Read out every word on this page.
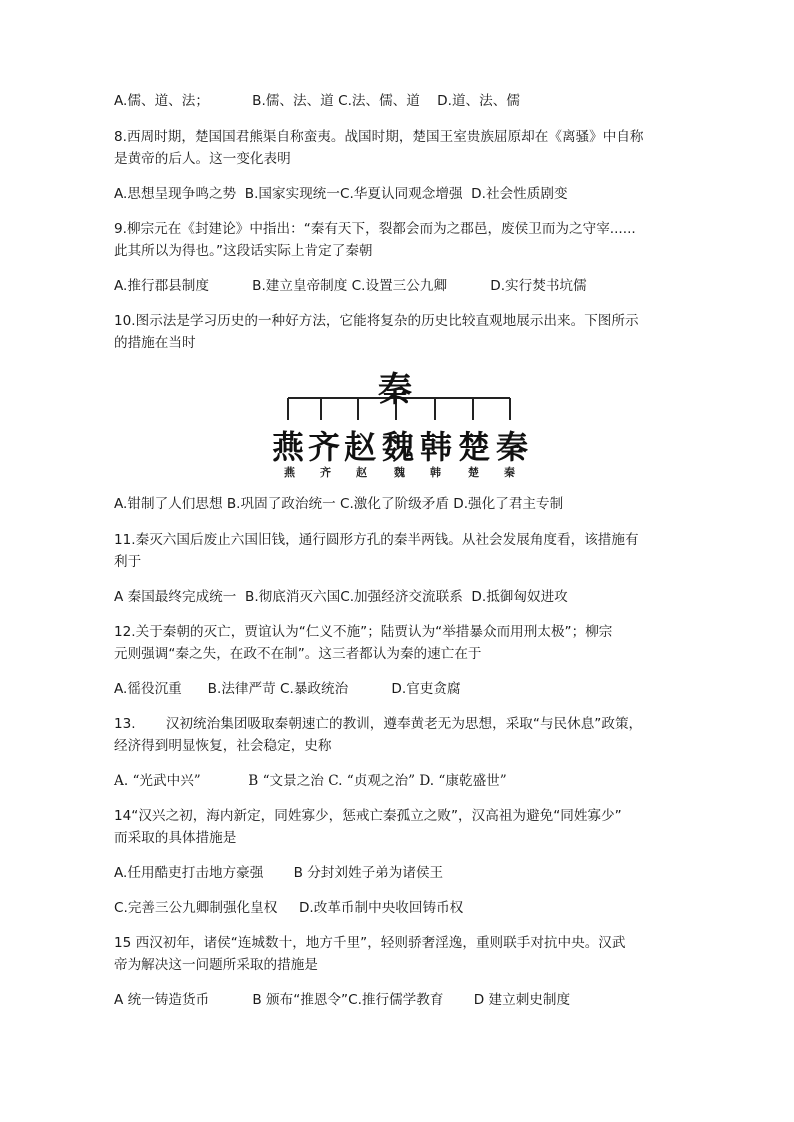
A.儒、道、法；          B.儒、法、道 C.法、儒、道    D.道、法、儒
8.西周时期，楚国国君熊渠自称蛮夷。战国时期，楚国王室贵族屈原却在《离骚》中自称
是黄帝的后人。这一变化表明
A.思想呈现争鸣之势  B.国家实现统一C.华夏认同观念增强  D.社会性质剧变
9.柳宗元在《封建论》中指出：“秦有天下，裂都会而为之郡邑，废侯卫而为之守宰......
此其所以为得也。”这段话实际上肯定了秦朝
A.推行郡县制度          B.建立皇帝制度 C.设置三公九卿          D.实行焚书坑儒
10.图示法是学习历史的一种好方法，它能将复杂的历史比较直观地展示出来。下图所示
的措施在当时
秦
燕 齐 赵 魏 韩 楚 秦
燕 齐 赵 魏 韩 楚 秦
A.钳制了人们思想 B.巩固了政治统一 C.激化了阶级矛盾 D.强化了君主专制
11.秦灭六国后废止六国旧钱，通行圆形方孔的秦半两钱。从社会发展角度看，该措施有
利于
A 秦国最终完成统一  B.彻底消灭六国C.加强经济交流联系  D.抵御匈奴进攻
12.关于秦朝的灭亡，贾谊认为“仁义不施”；陆贾认为“举措暴众而用刑太极”；柳宗
元则强调“秦之失，在政不在制”。这三者都认为秦的速亡在于
A.徭役沉重      B.法律严苛 C.暴政统治          D.官吏贪腐
13.       汉初统治集团吸取秦朝速亡的教训，遵奉黄老无为思想，采取“与民休息”政策，
经济得到明显恢复，社会稳定，史称
A. “光武中兴”           B “文景之治 C. “贞观之治” D. “康乾盛世”
14“汉兴之初，海内新定，同姓寡少，惩戒亡秦孤立之败”，汉高祖为避免“同姓寡少”
而采取的具体措施是
A.任用酷吏打击地方豪强       B 分封刘姓子弟为诸侯王
C.完善三公九卿制强化皇权     D.改革币制中央收回铸币权
15 西汉初年，诸侯“连城数十，地方千里”，轻则骄奢淫逸，重则联手对抗中央。汉武
帝为解决这一问题所采取的措施是
A 统一铸造货币          B 颁布“推恩令”C.推行儒学教育       D 建立刺史制度
